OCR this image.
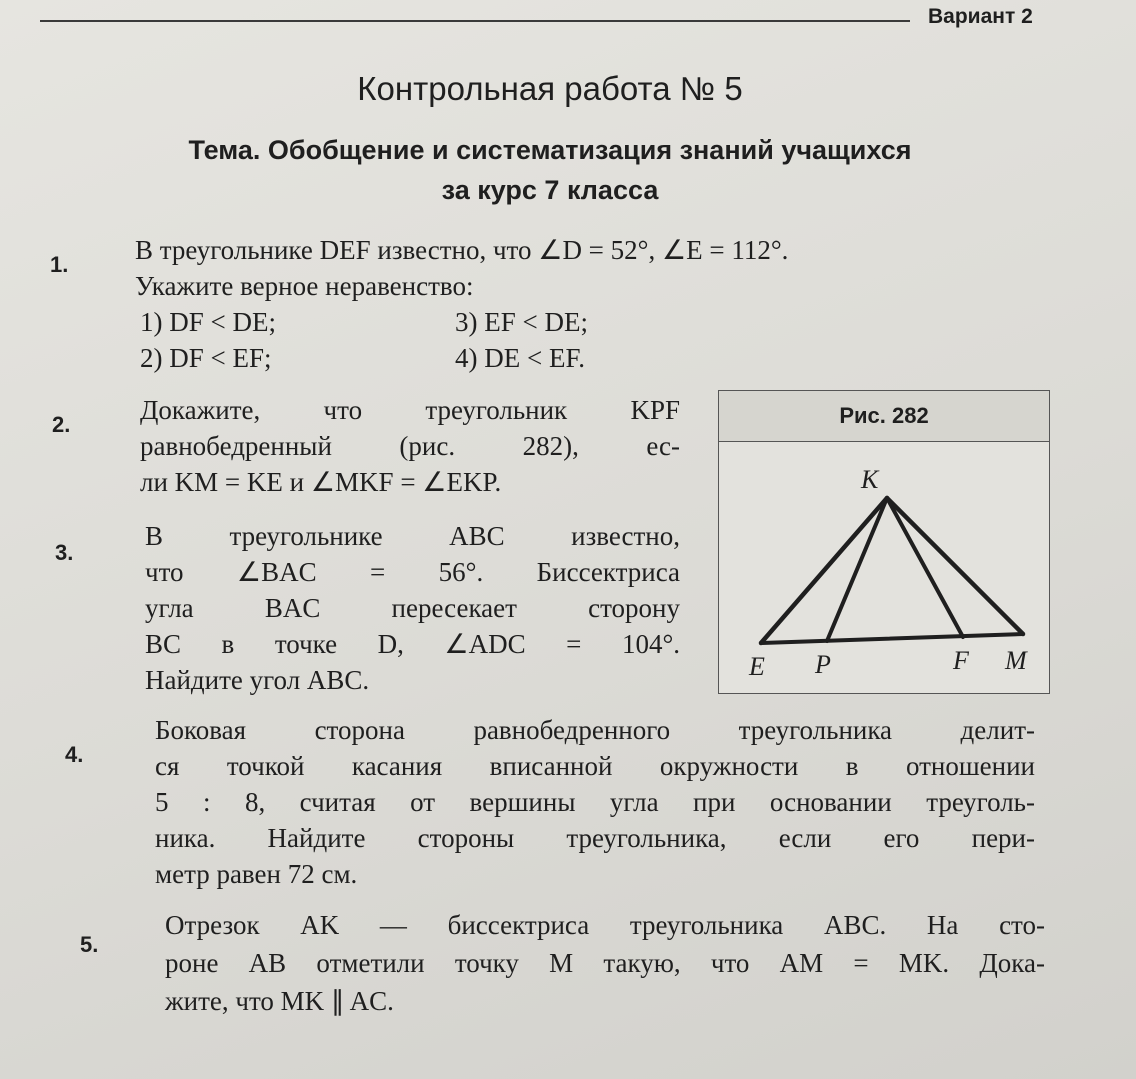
Вариант 2
Контрольная работа № 5
Тема. Обобщение и систематизация знаний учащихся
за курс 7 класса
1. В треугольнике DEF известно, что ∠D = 52°, ∠E = 112°.
Укажите верное неравенство:
1) DF < DE;
2) DF < EF;
3) EF < DE;
4) DE < EF.
2.	Докажите, что треугольник KPF
равнобедренный (рис. 282), ес-
ли KM = KE и ∠MKF = ∠EKP.
3.
В треугольнике ABC известно,
что ∠BAC = 56°. Биссектриса
угла BAC пересекает сторону
BC в точке D, ∠ADC = 104°.
Найдите угол ABC.
4.
Боковая сторона равнобедренного треугольника делит-
ся точкой касания вписанной окружности в отношении
5 : 8, считая от вершины угла при основании треуголь-
ника. Найдите стороны треугольника, если его пери-
метр равен 72 см.
5.
Отрезок AK — биссектриса треугольника ABC. На сто-
роне AB отметили точку M такую, что AM = MK. Дока-
жите, что MK ∥ AC.
Рис. 282
K
E P	F M
